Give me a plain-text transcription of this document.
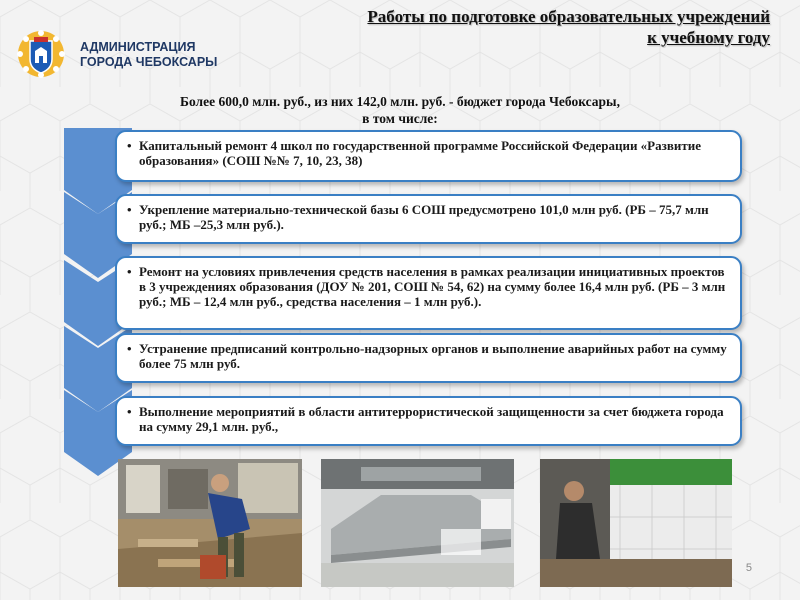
Работы по подготовке образовательных учреждений
к учебному году
АДМИНИСТРАЦИЯ
ГОРОДА ЧЕБОКСАРЫ
Более 600,0 млн. руб., из них 142,0 млн. руб. - бюджет города Чебоксары,
в том числе:
• Капитальный ремонт 4 школ по государственной программе Российской Федерации «Развитие образования» (СОШ №№ 7, 10, 23, 38)
• Укрепление материально-технической базы 6 СОШ предусмотрено 101,0 млн руб. (РБ – 75,7 млн руб.; МБ –25,3 млн руб.).
• Ремонт на условиях привлечения средств населения в рамках реализации инициативных проектов в 3 учреждениях образования (ДОУ № 201, СОШ № 54, 62) на сумму более 16,4 млн руб. (РБ – 3 млн руб.; МБ – 12,4 млн руб., средства населения – 1 млн руб.).
• Устранение предписаний контрольно-надзорных органов и выполнение аварийных работ на сумму более 75 млн руб.
• Выполнение мероприятий в области антитеррористической защищенности за счет бюджета города на сумму 29,1 млн. руб.,
5
